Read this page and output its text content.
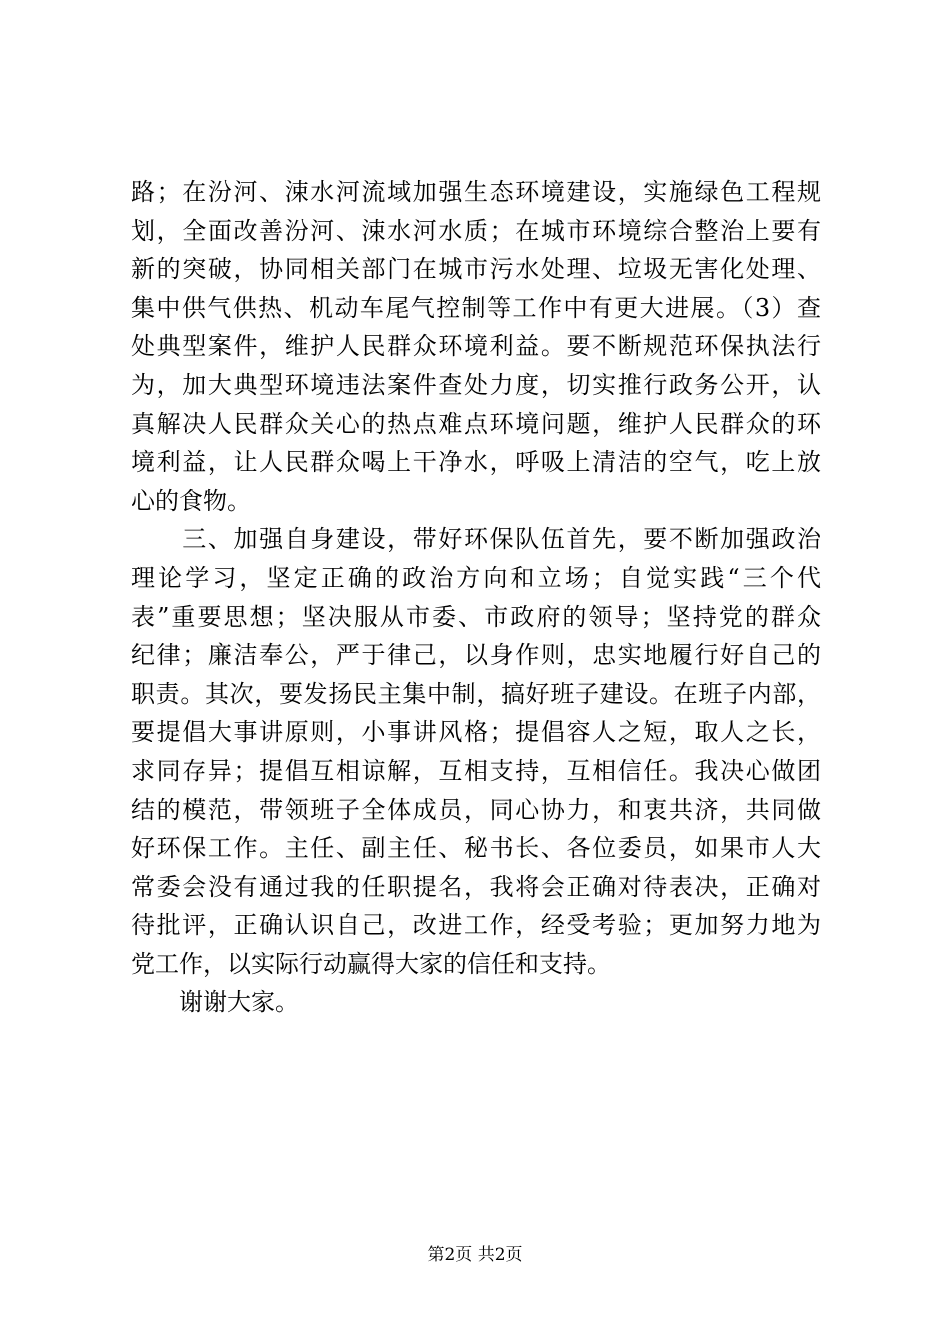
路；在汾河、涑水河流域加强生态环境建设，实施绿色工程规
划，全面改善汾河、涑水河水质；在城市环境综合整治上要有
新的突破，协同相关部门在城市污水处理、垃圾无害化处理、
集中供气供热、机动车尾气控制等工作中有更大进展。（3）查
处典型案件，维护人民群众环境利益。要不断规范环保执法行
为，加大典型环境违法案件查处力度，切实推行政务公开，认
真解决人民群众关心的热点难点环境问题，维护人民群众的环
境利益，让人民群众喝上干净水，呼吸上清洁的空气，吃上放
心的食物。
　　三、加强自身建设，带好环保队伍首先，要不断加强政治
理论学习，坚定正确的政治方向和立场；自觉实践“三个代
表”重要思想；坚决服从市委、市政府的领导；坚持党的群众
纪律；廉洁奉公，严于律己，以身作则，忠实地履行好自己的
职责。其次，要发扬民主集中制，搞好班子建设。在班子内部，
要提倡大事讲原则，小事讲风格；提倡容人之短，取人之长，
求同存异；提倡互相谅解，互相支持，互相信任。我决心做团
结的模范，带领班子全体成员，同心协力，和衷共济，共同做
好环保工作。主任、副主任、秘书长、各位委员，如果市人大
常委会没有通过我的任职提名，我将会正确对待表决，正确对
待批评，正确认识自己，改进工作，经受考验；更加努力地为
党工作，以实际行动赢得大家的信任和支持。
　　谢谢大家。
第2页 共2页
